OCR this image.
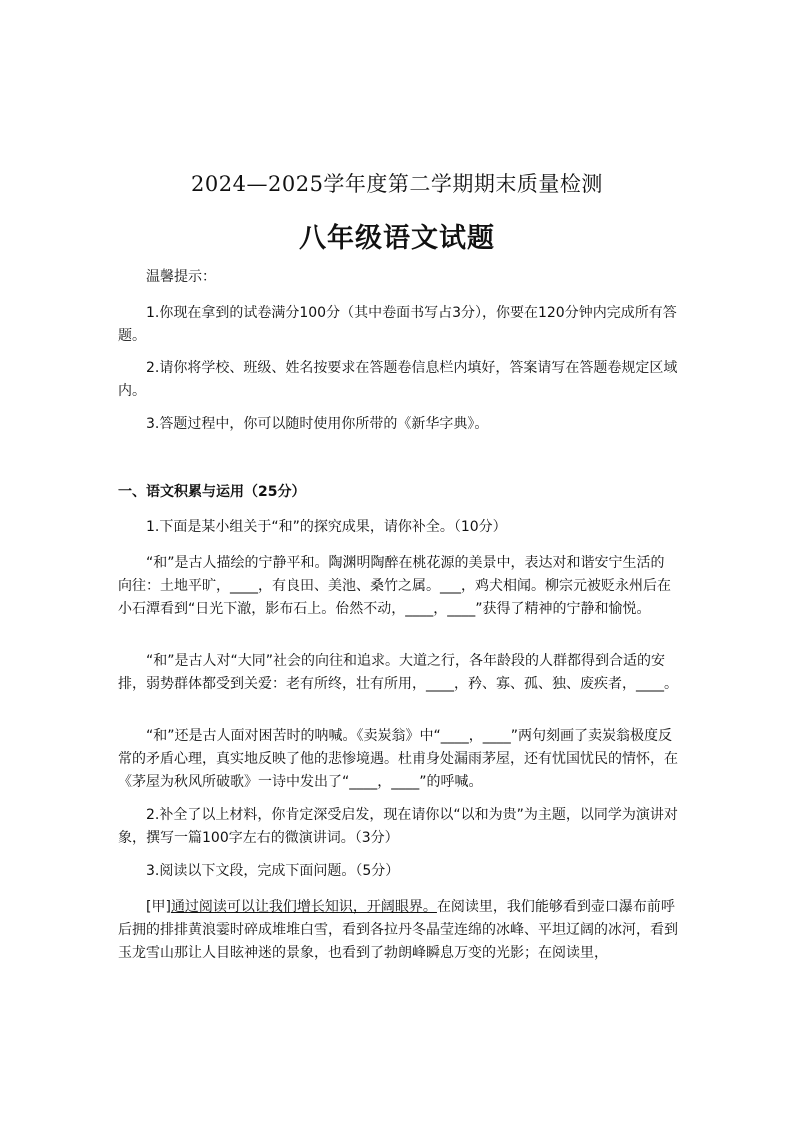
2024—2025学年度第二学期期末质量检测
八年级语文试题
温馨提示：
1.你现在拿到的试卷满分100分（其中卷面书写占3分），你要在120分钟内完成所有答题。
2.请你将学校、班级、姓名按要求在答题卷信息栏内填好，答案请写在答题卷规定区域内。
3.答题过程中，你可以随时使用你所带的《新华字典》。
一、语文积累与运用（25分）
1.下面是某小组关于“和”的探究成果，请你补全。（10分）
“和”是古人描绘的宁静平和。陶渊明陶醉在桃花源的美景中，表达对和谐安宁生活的向往：土地平旷，____，有良田、美池、桑竹之属。___，鸡犬相闻。柳宗元被贬永州后在小石潭看到“日光下澈，影布石上。佁然不动，____，____”获得了精神的宁静和愉悦。
“和”是古人对“大同”社会的向往和追求。大道之行，各年龄段的人群都得到合适的安排，弱势群体都受到关爱：老有所终，壮有所用，____，矜、寡、孤、独、废疾者，____。
“和”还是古人面对困苦时的呐喊。《卖炭翁》中“____，____”两句刻画了卖炭翁极度反常的矛盾心理，真实地反映了他的悲惨境遇。杜甫身处漏雨茅屋，还有忧国忧民的情怀，在《茅屋为秋风所破歌》一诗中发出了“____，____”的呼喊。
2.补全了以上材料，你肯定深受启发，现在请你以“以和为贵”为主题，以同学为演讲对象，撰写一篇100字左右的微演讲词。（3分）
3.阅读以下文段，完成下面问题。（5分）
[甲]通过阅读可以让我们增长知识，开阔眼界。在阅读里，我们能够看到壶口瀑布前呼后拥的排排黄浪霎时碎成堆堆白雪，看到各拉丹冬晶莹连绵的冰峰、平坦辽阔的冰河，看到玉龙雪山那让人目眩神迷的景象，也看到了勃朗峰瞬息万变的光影；在阅读里，
